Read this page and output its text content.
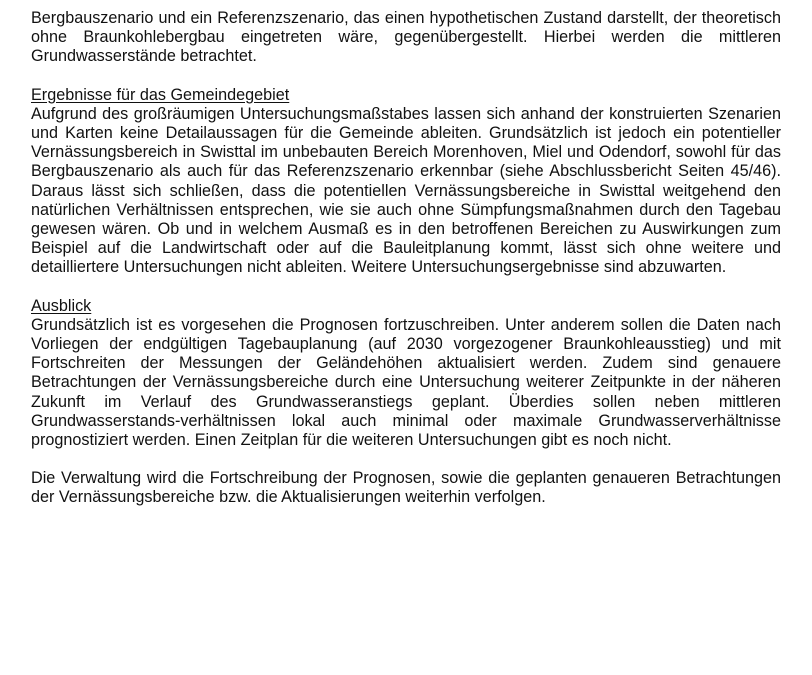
Bergbauszenario und ein Referenzszenario, das einen hypothetischen Zustand darstellt, der theoretisch ohne Braunkohlebergbau eingetreten wäre, gegenübergestellt. Hierbei werden die mittleren Grundwasserstände betrachtet.

Ergebnisse für das Gemeindegebiet

Aufgrund des großräumigen Untersuchungsmaßstabes lassen sich anhand der konstruierten Szenarien und Karten keine Detailaussagen für die Gemeinde ableiten. Grundsätzlich ist jedoch ein potentieller Vernässungsbereich in Swisttal im unbebauten Bereich Morenhoven, Miel und Odendorf, sowohl für das Bergbauszenario als auch für das Referenzszenario erkennbar (siehe Abschlussbericht Seiten 45/46). Daraus lässt sich schließen, dass die potentiellen Vernässungsbereiche in Swisttal weitgehend den natürlichen Verhältnissen entsprechen, wie sie auch ohne Sümpfungsmaßnahmen durch den Tagebau gewesen wären. Ob und in welchem Ausmaß es in den betroffenen Bereichen zu Auswirkungen zum Beispiel auf die Landwirtschaft oder auf die Bauleitplanung kommt, lässt sich ohne weitere und detailliertere Untersuchungen nicht ableiten. Weitere Untersuchungsergebnisse sind abzuwarten.

Ausblick

Grundsätzlich ist es vorgesehen die Prognosen fortzuschreiben. Unter anderem sollen die Daten nach Vorliegen der endgültigen Tagebauplanung (auf 2030 vorgezogener Braunkohleausstieg) und mit Fortschreiten der Messungen der Geländehöhen aktualisiert werden. Zudem sind genauere Betrachtungen der Vernässungsbereiche durch eine Untersuchung weiterer Zeitpunkte in der näheren Zukunft im Verlauf des Grundwasseranstiegs geplant. Überdies sollen neben mittleren Grundwasserstands-verhältnissen lokal auch minimal oder maximale Grundwasserverhältnisse prognostiziert werden. Einen Zeitplan für die weiteren Untersuchungen gibt es noch nicht.

Die Verwaltung wird die Fortschreibung der Prognosen, sowie die geplanten genaueren Betrachtungen der Vernässungsbereiche bzw. die Aktualisierungen weiterhin verfolgen.
